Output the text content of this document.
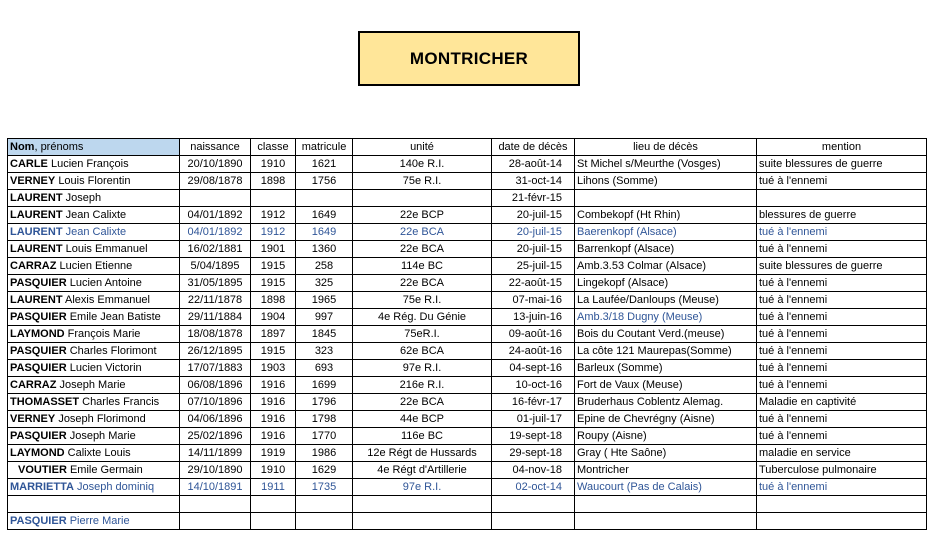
MONTRICHER
Nom, prénoms	naissance	classe	matricule	unité	date de décès	lieu de décès	mention
CARLE Lucien François	20/10/1890	1910	1621	140e R.I.	28-août-14	St Michel s/Meurthe (Vosges)	suite blessures de guerre
VERNEY Louis Florentin	29/08/1878	1898	1756	75e R.I.	31-oct-14	Lihons (Somme)	tué à l'ennemi
LAURENT Joseph					21-févr-15		
LAURENT Jean Calixte	04/01/1892	1912	1649	22e BCP	20-juil-15	Combekopf (Ht Rhin)	blessures de guerre
LAURENT Jean Calixte	04/01/1892	1912	1649	22e BCA	20-juil-15	Baerenkopf (Alsace)	tué à l'ennemi
LAURENT Louis Emmanuel	16/02/1881	1901	1360	22e BCA	20-juil-15	Barrenkopf (Alsace)	tué à l'ennemi
CARRAZ Lucien Etienne	5/04/1895	1915	258	114e BC	25-juil-15	Amb.3.53 Colmar (Alsace)	suite blessures de guerre
PASQUIER Lucien Antoine	31/05/1895	1915	325	22e BCA	22-août-15	Lingekopf (Alsace)	tué à l'ennemi
LAURENT Alexis Emmanuel	22/11/1878	1898	1965	75e R.I.	07-mai-16	La Laufée/Danloups (Meuse)	tué à l'ennemi
PASQUIER Emile Jean Batiste	29/11/1884	1904	997	4e Rég. Du Génie	13-juin-16	Amb.3/18 Dugny (Meuse)	tué à l'ennemi
LAYMOND François Marie	18/08/1878	1897	1845	75eR.I.	09-août-16	Bois du Coutant Verd.(meuse)	tué à l'ennemi
PASQUIER Charles Florimont	26/12/1895	1915	323	62e BCA	24-août-16	La côte 121 Maurepas(Somme)	tué à l'ennemi
PASQUIER Lucien Victorin	17/07/1883	1903	693	97e R.I.	04-sept-16	Barleux (Somme)	tué à l'ennemi
CARRAZ Joseph Marie	06/08/1896	1916	1699	216e R.I.	10-oct-16	Fort de Vaux (Meuse)	tué à l'ennemi
THOMASSET Charles Francis	07/10/1896	1916	1796	22e BCA	16-févr-17	Bruderhaus Coblentz Alemag.	Maladie en captivité
VERNEY Joseph Florimond	04/06/1896	1916	1798	44e BCP	01-juil-17	Epine de Chevrégny (Aisne)	tué à l'ennemi
PASQUIER Joseph Marie	25/02/1896	1916	1770	116e BC	19-sept-18	Roupy (Aisne)	tué à l'ennemi
LAYMOND Calixte Louis	14/11/1899	1919	1986	12e Régt de Hussards	29-sept-18	Gray ( Hte Saône)	maladie en service
VOUTIER Emile Germain	29/10/1890	1910	1629	4e Régt d'Artillerie	04-nov-18	Montricher	Tuberculose pulmonaire
MARRIETTA Joseph dominiq	14/10/1891	1911	1735	97e R.I.	02-oct-14	Waucourt (Pas de Calais)	tué à l'ennemi

PASQUIER Pierre Marie							
